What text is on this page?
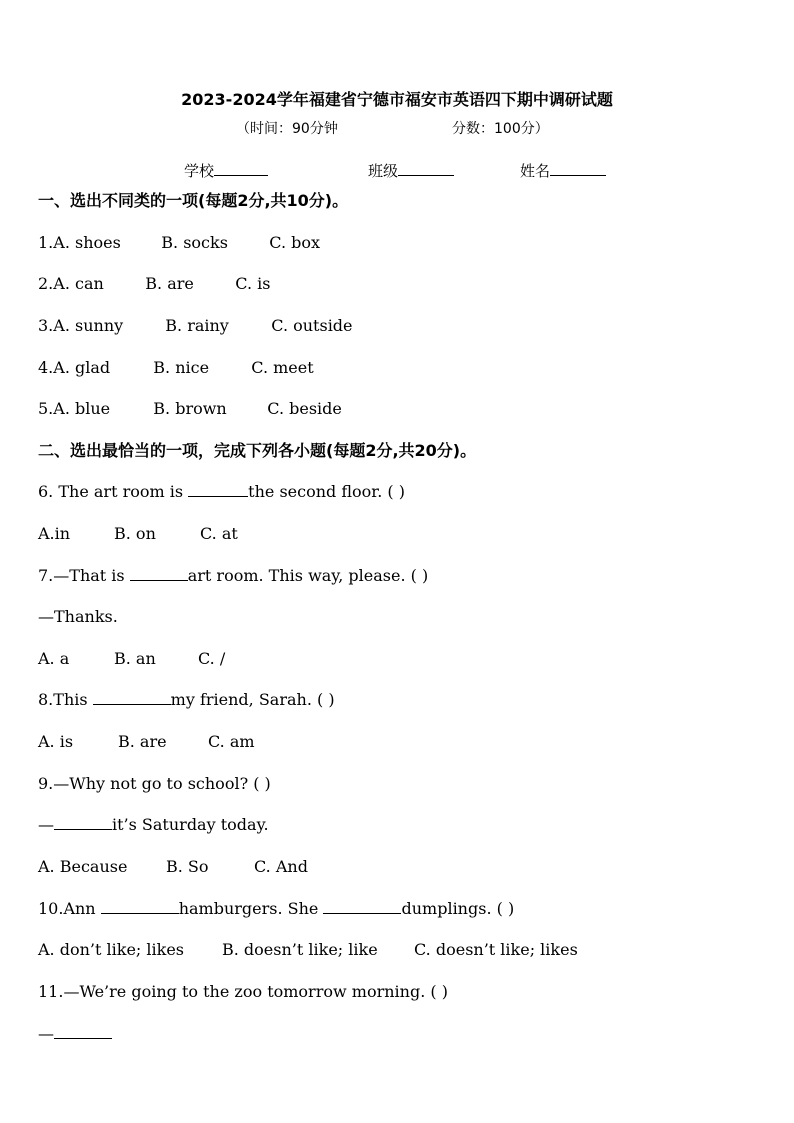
2023-2024学年福建省宁德市福安市英语四下期中调研试题
（时间：90分钟	分数：100分）
学校	班级	姓名
一、选出不同类的一项(每题2分,共10分)。
1.A. shoes	B. socks	C. box
2.A. can	B. are	C. is
3.A. sunny	B. rainy	C. outside
4.A. glad	B. nice	C. meet
5.A. blue	B. brown	C. beside
二、选出最恰当的一项，完成下列各小题(每题2分,共20分)。
6. The art room is	the second floor. ( )
A.in	B. on	C. at
7.—That is	art room. This way, please. ( )
—Thanks.
A. a	B. an	C. /
8.This	my friend, Sarah. ( )
A. is	B. are	C. am
9.—Why not go to school? ( )
—	it’s Saturday today.
A. Because B. So	C. And
10.Ann	hamburgers. She	dumplings. ( )
A. don’t like; likes B. doesn’t like; like C. doesn’t like; likes
11.—We’re going to the zoo tomorrow morning. ( )
—
